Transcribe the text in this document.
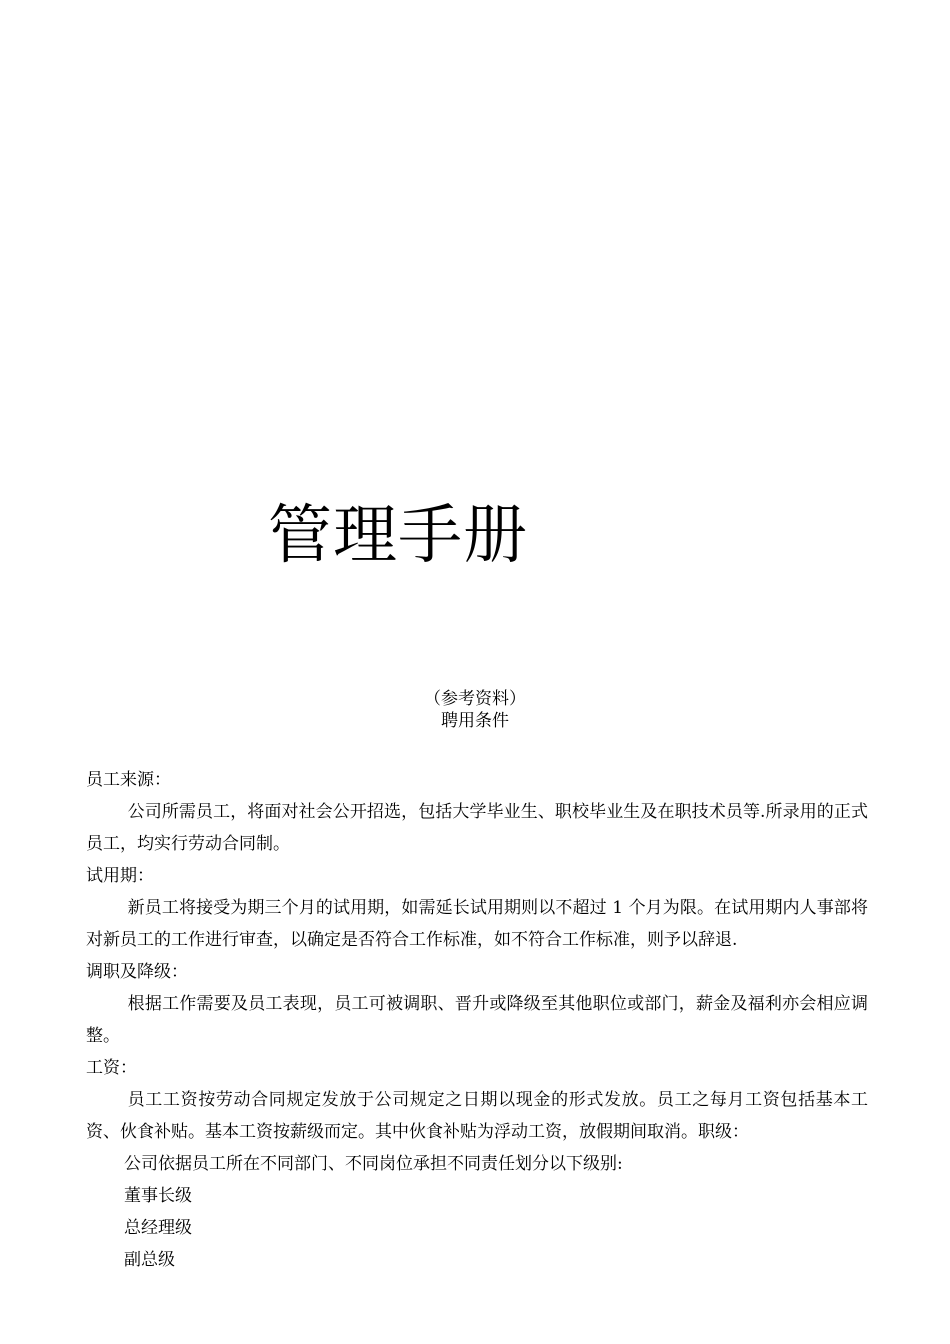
管理手册
（参考资料）
聘用条件

员工来源：

公司所需员工，将面对社会公开招选，包括大学毕业生、职校毕业生及在职技术员等.所录用的正式员工，均实行劳动合同制。

试用期：

新员工将接受为期三个月的试用期，如需延长试用期则以不超过 1 个月为限。在试用期内人事部将对新员工的工作进行审查，以确定是否符合工作标准，如不符合工作标准，则予以辞退.

调职及降级：

根据工作需要及员工表现，员工可被调职、晋升或降级至其他职位或部门，薪金及福利亦会相应调整。

工资：

员工工资按劳动合同规定发放于公司规定之日期以现金的形式发放。员工之每月工资包括基本工资、伙食补贴。基本工资按薪级而定。其中伙食补贴为浮动工资，放假期间取消。职级：

公司依据员工所在不同部门、不同岗位承担不同责任划分以下级别:

董事长级

总经理级

副总级
